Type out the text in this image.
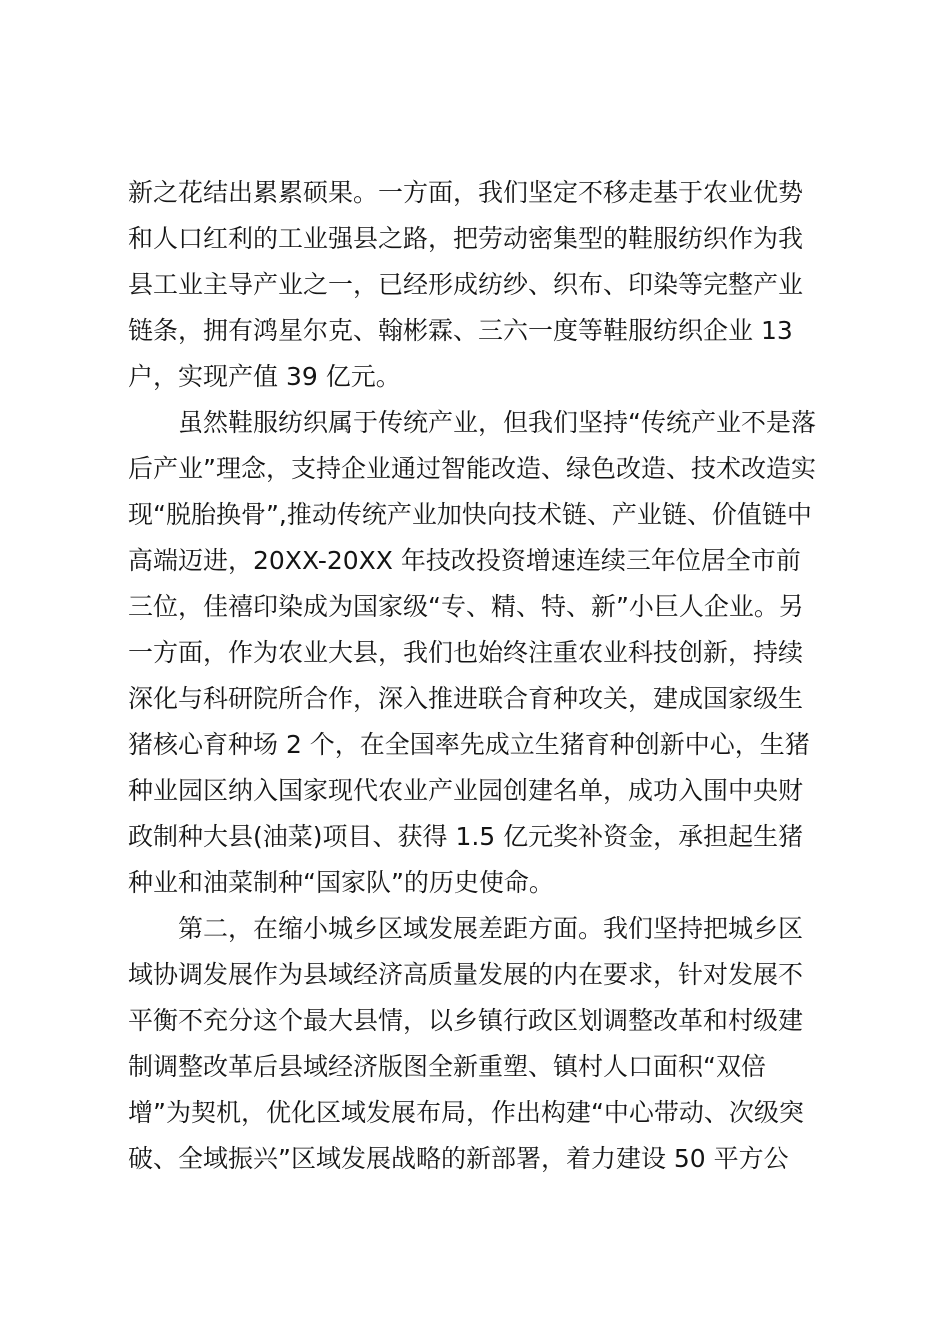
新之花结出累累硕果。一方面，我们坚定不移走基于农业优势

和人口红利的工业强县之路，把劳动密集型的鞋服纺织作为我

县工业主导产业之一，已经形成纺纱、织布、印染等完整产业

链条，拥有鸿星尔克、翰彬霖、三六一度等鞋服纺织企业 13

户，实现产值 39 亿元。

虽然鞋服纺织属于传统产业，但我们坚持“传统产业不是落

后产业”理念，支持企业通过智能改造、绿色改造、技术改造实

现“脱胎换骨”,推动传统产业加快向技术链、产业链、价值链中

高端迈进，20XX-20XX 年技改投资增速连续三年位居全市前

三位，佳禧印染成为国家级“专、精、特、新”小巨人企业。另

一方面，作为农业大县，我们也始终注重农业科技创新，持续

深化与科研院所合作，深入推进联合育种攻关，建成国家级生

猪核心育种场 2 个，在全国率先成立生猪育种创新中心，生猪

种业园区纳入国家现代农业产业园创建名单，成功入围中央财

政制种大县(油菜)项目、获得 1.5 亿元奖补资金，承担起生猪

种业和油菜制种“国家队”的历史使命。

第二，在缩小城乡区域发展差距方面。我们坚持把城乡区

域协调发展作为县域经济高质量发展的内在要求，针对发展不

平衡不充分这个最大县情，以乡镇行政区划调整改革和村级建

制调整改革后县域经济版图全新重塑、镇村人口面积“双倍

增”为契机，优化区域发展布局，作出构建“中心带动、次级突

破、全域振兴”区域发展战略的新部署，着力建设 50 平方公
